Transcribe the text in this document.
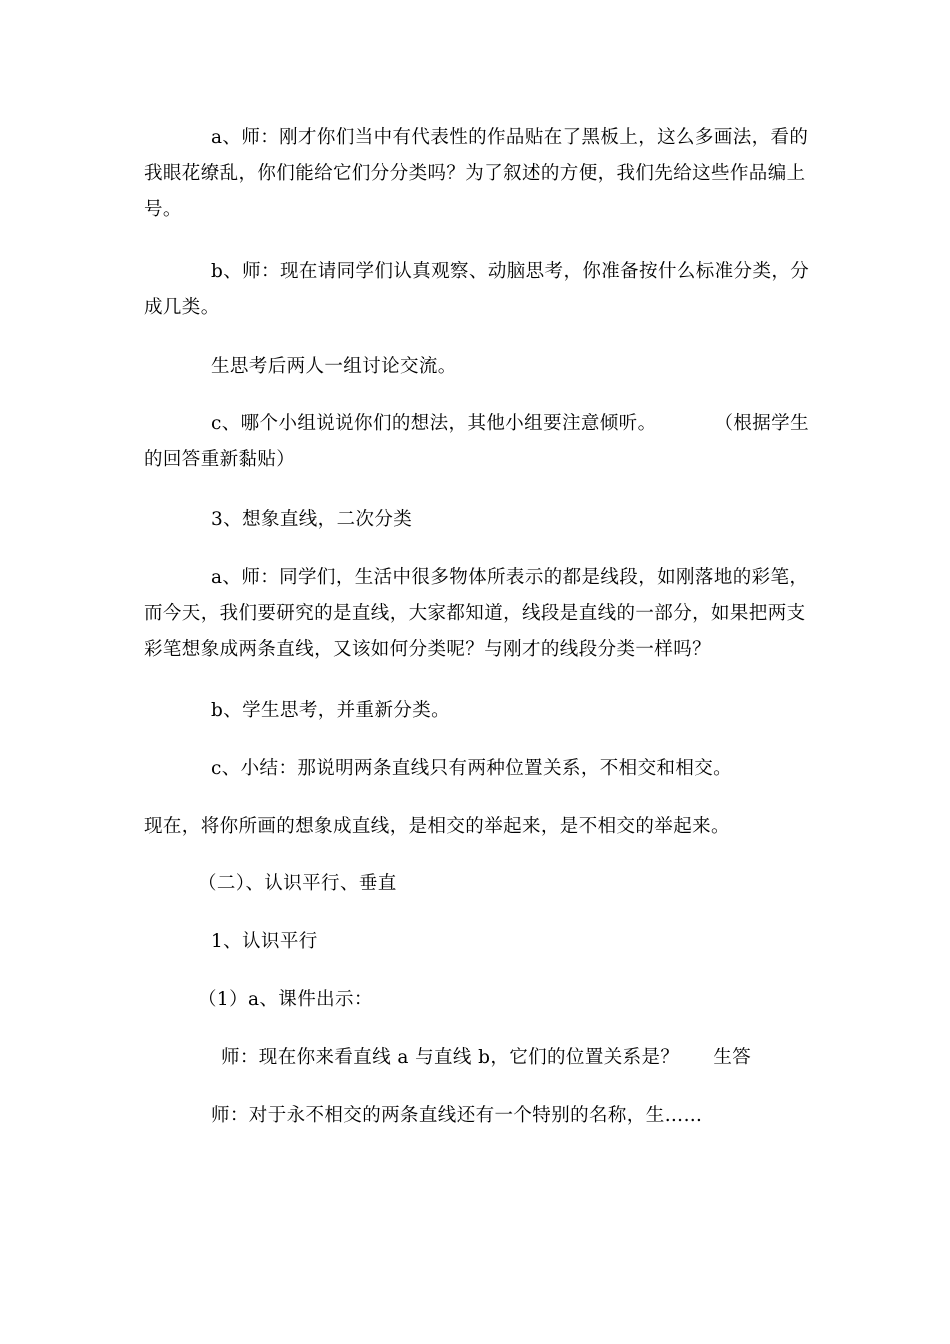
a、师：刚才你们当中有代表性的作品贴在了黑板上，这么多画法，看的我眼花缭乱，你们能给它们分分类吗？为了叙述的方便，我们先给这些作品编上号。
b、师：现在请同学们认真观察、动脑思考，你准备按什么标准分类，分成几类。
生思考后两人一组讨论交流。
c、哪个小组说说你们的想法，其他小组要注意倾听。	（根据学生的回答重新黏贴）
3、想象直线，二次分类
a、师：同学们，生活中很多物体所表示的都是线段，如刚落地的彩笔，而今天，我们要研究的是直线，大家都知道，线段是直线的一部分，如果把两支彩笔想象成两条直线，又该如何分类呢？与刚才的线段分类一样吗？
b、学生思考，并重新分类。
c、小结：那说明两条直线只有两种位置关系，不相交和相交。
现在，将你所画的想象成直线，是相交的举起来，是不相交的举起来。
（二）、认识平行、垂直
1、认识平行
（1）a、课件出示：
师：现在你来看直线 a 与直线 b，它们的位置关系是？ 生答
师：对于永不相交的两条直线还有一个特别的名称，生……
